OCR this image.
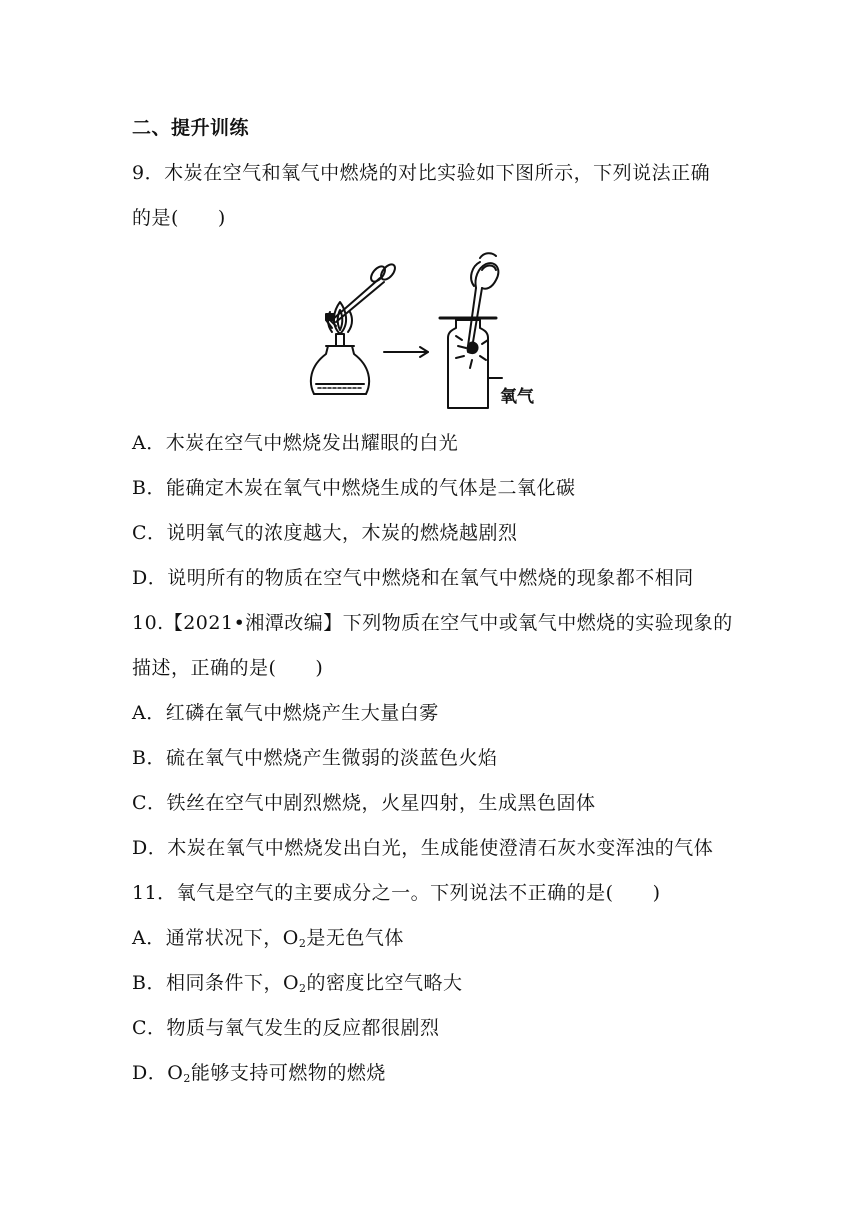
二、提升训练
9．木炭在空气和氧气中燃烧的对比实验如下图所示，下列说法正确
的是(　　)
氧气
A．木炭在空气中燃烧发出耀眼的白光
B．能确定木炭在氧气中燃烧生成的气体是二氧化碳
C．说明氧气的浓度越大，木炭的燃烧越剧烈
D．说明所有的物质在空气中燃烧和在氧气中燃烧的现象都不相同
10.【2021•湘潭改编】下列物质在空气中或氧气中燃烧的实验现象的
描述，正确的是(　　)
A．红磷在氧气中燃烧产生大量白雾
B．硫在氧气中燃烧产生微弱的淡蓝色火焰
C．铁丝在空气中剧烈燃烧，火星四射，生成黑色固体
D．木炭在氧气中燃烧发出白光，生成能使澄清石灰水变浑浊的气体
11．氧气是空气的主要成分之一。下列说法不正确的是(　　)
A．通常状况下，$O_2$是无色气体
B．相同条件下，$O_2$的密度比空气略大
C．物质与氧气发生的反应都很剧烈
D．$O_2$能够支持可燃物的燃烧
